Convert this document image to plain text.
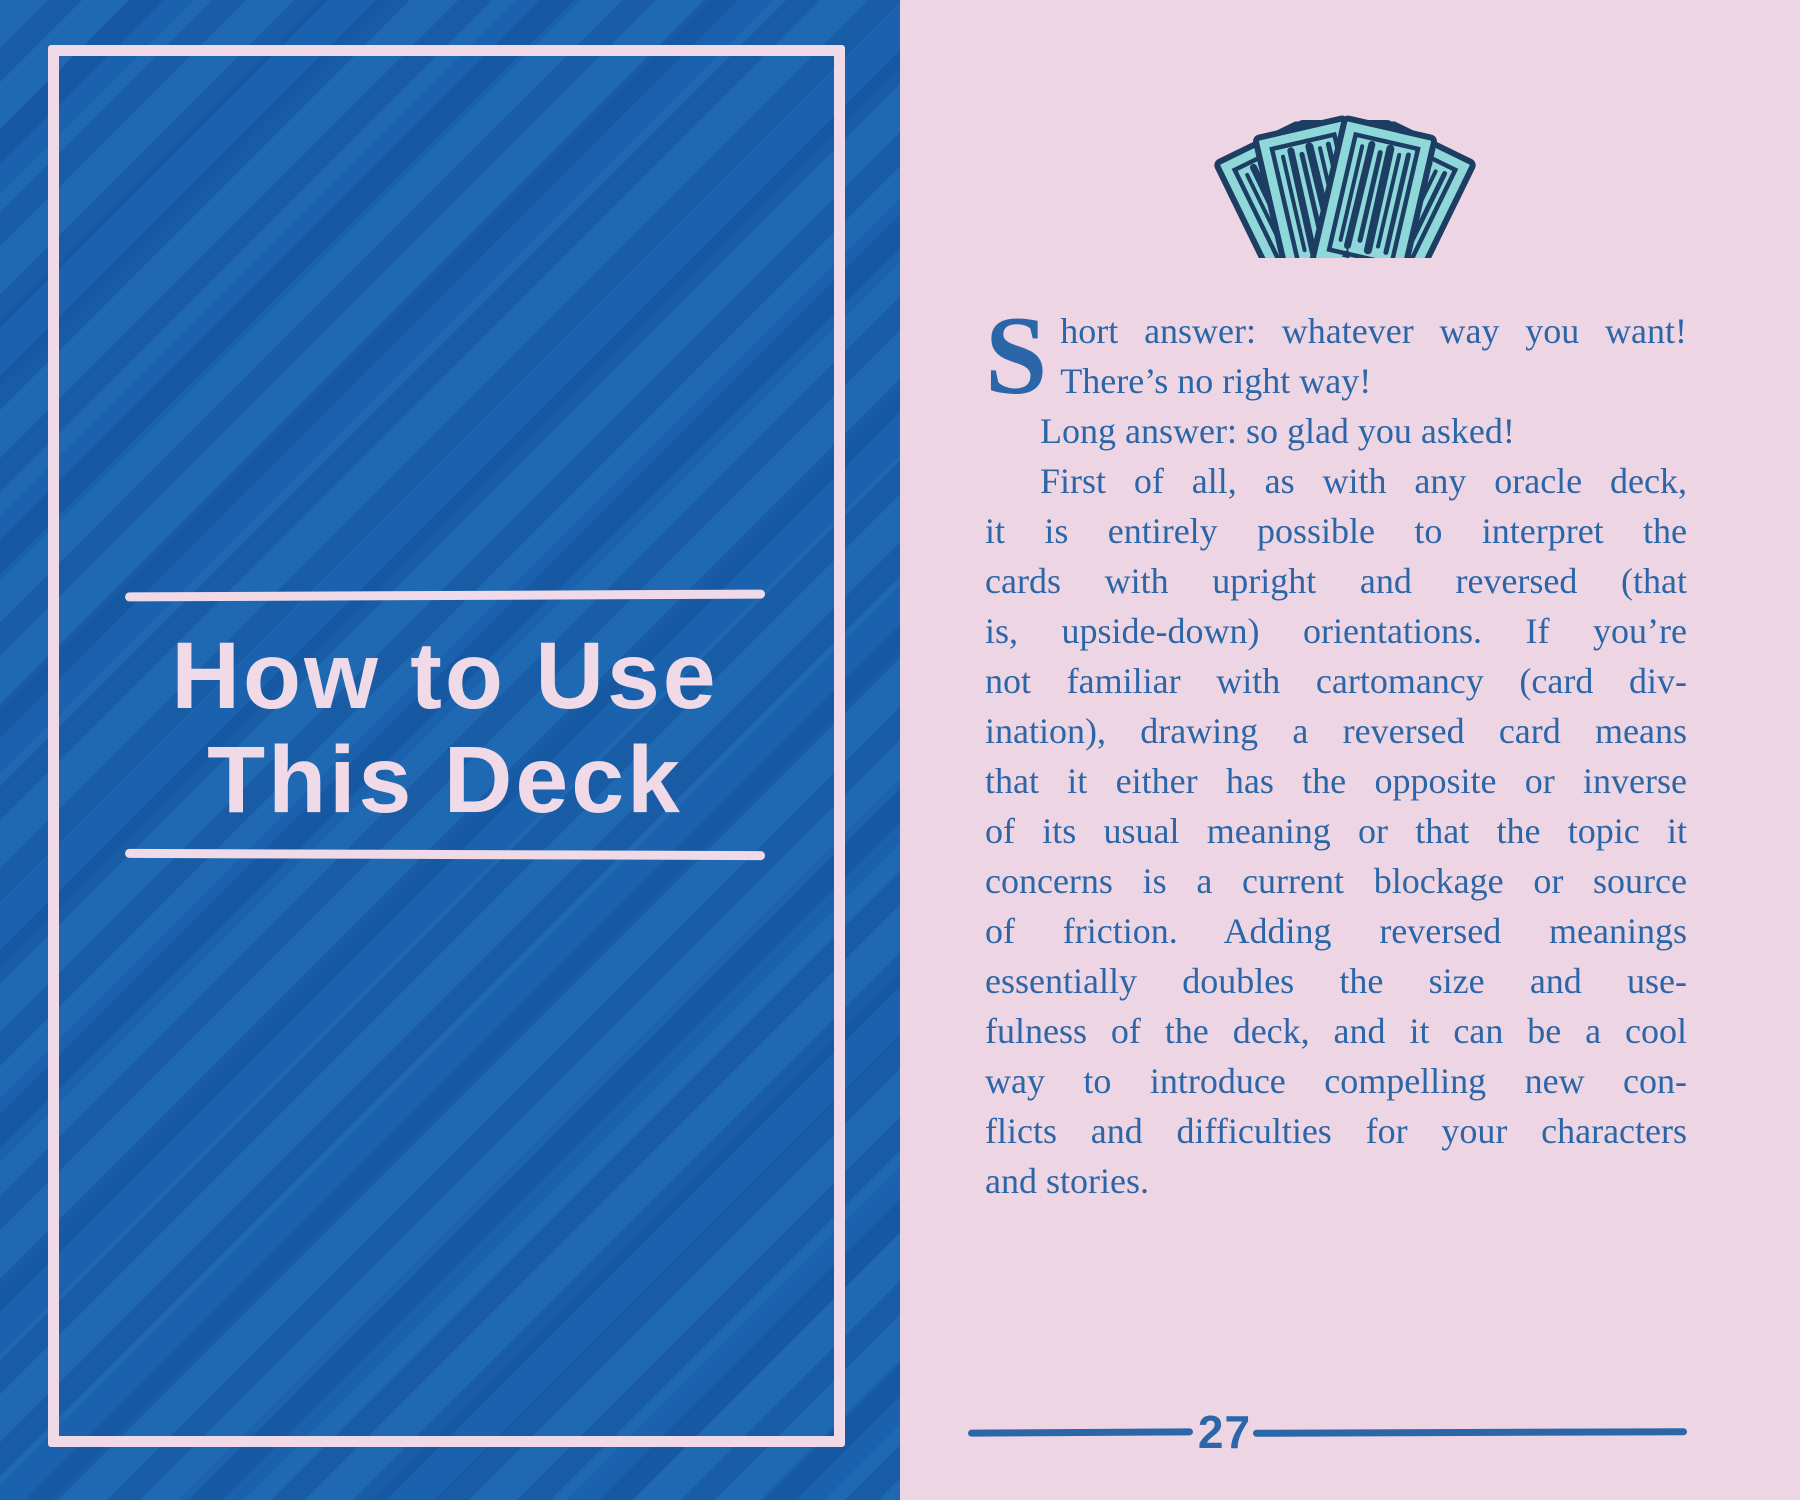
How to Use
This Deck
S hort answer: whatever way you want!
There’s no right way!
Long answer: so glad you asked!
First of all, as with any oracle deck,
it is entirely possible to interpret the
cards with upright and reversed (that
is, upside-down) orientations. If you’re
not familiar with cartomancy (card div-
ination), drawing a reversed card means
that it either has the opposite or inverse
of its usual meaning or that the topic it
concerns is a current blockage or source
of friction. Adding reversed meanings
essentially doubles the size and use-
fulness of the deck, and it can be a cool
way to introduce compelling new con-
flicts and difficulties for your characters
and stories.
27
